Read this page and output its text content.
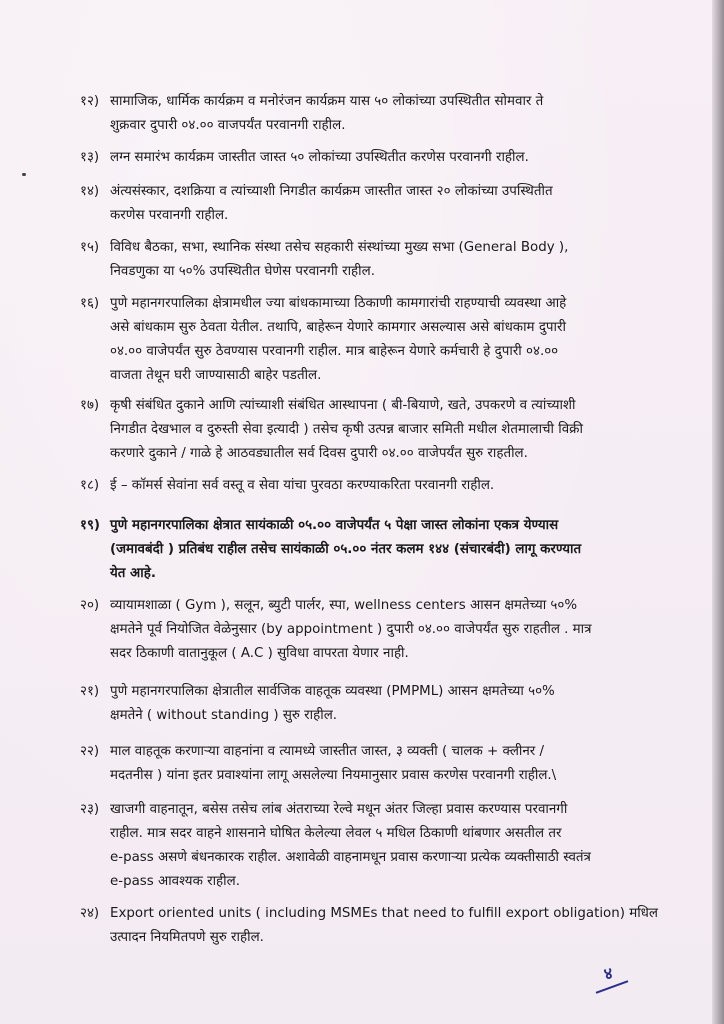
१२) सामाजिक, धार्मिक कार्यक्रम व मनोरंजन कार्यक्रम यास ५० लोकांच्या उपस्थितीत सोमवार ते
शुक्रवार दुपारी ०४.०० वाजपर्यंत परवानगी राहील.
१३) लग्न समारंभ कार्यक्रम जास्तीत जास्त ५० लोकांच्या उपस्थितीत करणेस परवानगी राहील.
१४) अंत्यसंस्कार, दशक्रिया व त्यांच्याशी निगडीत कार्यक्रम जास्तीत जास्त २० लोकांच्या उपस्थितीत
करणेस परवानगी राहील.
१५) विविध बैठका, सभा, स्थानिक संस्था तसेच सहकारी संस्थांच्या मुख्य सभा (General Body ),
निवडणुका या ५०% उपस्थितीत घेणेस परवानगी राहील.
१६) पुणे महानगरपालिका क्षेत्रामधील ज्या बांधकामाच्या ठिकाणी कामगारांची राहण्याची व्यवस्था आहे
असे बांधकाम सुरु ठेवता येतील. तथापि, बाहेरून येणारे कामगार असल्यास असे बांधकाम दुपारी
०४.०० वाजेपर्यंत सुरु ठेवण्यास परवानगी राहील. मात्र बाहेरून येणारे कर्मचारी हे दुपारी ०४.००
वाजता तेथून घरी जाण्यासाठी बाहेर पडतील.
१७) कृषी संबंधित दुकाने आणि त्यांच्याशी संबंधित आस्थापना ( बी-बियाणे, खते, उपकरणे व त्यांच्याशी
निगडीत देखभाल व दुरुस्ती सेवा इत्यादी ) तसेच कृषी उत्पन्न बाजार समिती मधील शेतमालाची विक्री
करणारे दुकाने / गाळे हे आठवड्यातील सर्व दिवस दुपारी ०४.०० वाजेपर्यंत सुरु राहतील.
१८) ई – कॉमर्स सेवांना सर्व वस्तू व सेवा यांचा पुरवठा करण्याकरिता परवानगी राहील.
१९) पुणे महानगरपालिका क्षेत्रात सायंकाळी ०५.०० वाजेपर्यंत ५ पेक्षा जास्त लोकांना एकत्र येण्यास
(जमावबंदी ) प्रतिबंध राहील तसेच सायंकाळी ०५.०० नंतर कलम १४४ (संचारबंदी) लागू करण्यात
येत आहे.
२०) व्यायामशाळा ( Gym ), सलून, ब्युटी पार्लर, स्पा, wellness centers आसन क्षमतेच्या ५०%
क्षमतेने पूर्व नियोजित वेळेनुसार (by appointment ) दुपारी ०४.०० वाजेपर्यंत सुरु राहतील . मात्र
सदर ठिकाणी वातानुकूल ( A.C ) सुविधा वापरता येणार नाही.
२१) पुणे महानगरपालिका क्षेत्रातील सार्वजिक वाहतूक व्यवस्था (PMPML) आसन क्षमतेच्या ५०%
क्षमतेने ( without standing ) सुरु राहील.
२२) माल वाहतूक करणाऱ्या वाहनांना व त्यामध्ये जास्तीत जास्त, ३ व्यक्ती ( चालक + क्लीनर /
मदतनीस ) यांना इतर प्रवाश्यांना लागू असलेल्या नियमानुसार प्रवास करणेस परवानगी राहील.\
२३) खाजगी वाहनातून, बसेस तसेच लांब अंतराच्या रेल्वे मधून अंतर जिल्हा प्रवास करण्यास परवानगी
राहील. मात्र सदर वाहने शासनाने घोषित केलेल्या लेवल ५ मधिल ठिकाणी थांबणार असतील तर
e-pass असणे बंधनकारक राहील. अशावेळी वाहनामधून प्रवास करणाऱ्या प्रत्येक व्यक्तीसाठी स्वतंत्र
e-pass आवश्यक राहील.
२४) Export oriented units ( including MSMEs that need to fulfill export obligation) मधिल
उत्पादन नियमितपणे सुरु राहील.
४
